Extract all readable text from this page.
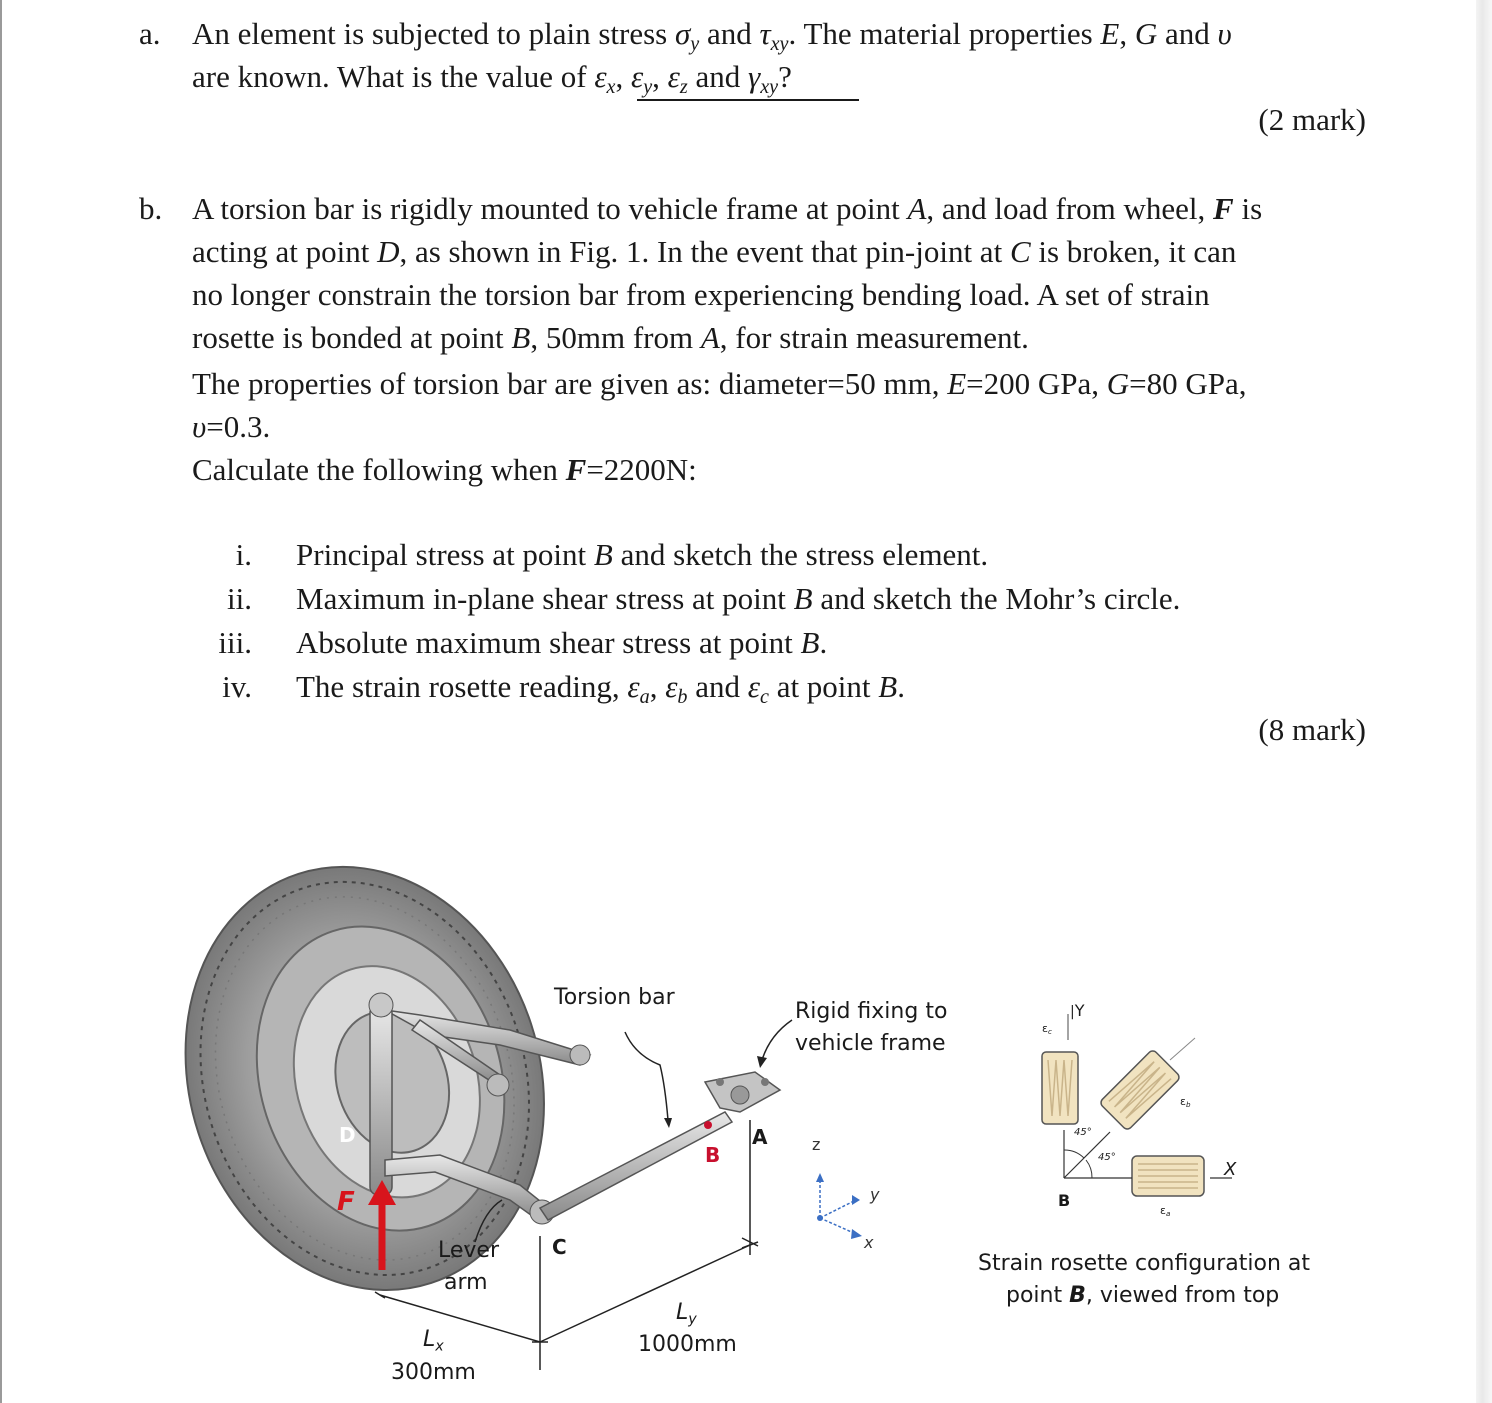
a. An element is subjected to plain stress $\sigma_y$ and $\tau_{xy}$. The material properties E, G and υ
are known. What is the value of $\varepsilon_x$, $\varepsilon_y$, $\varepsilon_z$ and $\gamma_{xy}$?
(2 mark)
b. A torsion bar is rigidly mounted to vehicle frame at point A, and load from wheel, F is
acting at point D, as shown in Fig. 1. In the event that pin-joint at C is broken, it can
no longer constrain the torsion bar from experiencing bending load. A set of strain
rosette is bonded at point B, 50mm from A, for strain measurement.
The properties of torsion bar are given as: diameter=50 mm, E=200 GPa, G=80 GPa,
υ=0.3.
Calculate the following when F=2200N:
i. Principal stress at point B and sketch the stress element.
ii. Maximum in-plane shear stress at point B and sketch the Mohr’s circle.
iii. Absolute maximum shear stress at point B.
iv. The strain rosette reading, $\varepsilon_a$, $\varepsilon_b$ and $\varepsilon_c$ at point B.
(8 mark)
Torsion bar
Rigid fixing to
vehicle frame
D
F
B
A
C
Lever
arm
$L_x$
300mm
$L_y$
1000mm
z
y
x
|Y
$\varepsilon_c$
$\varepsilon_b$
$\varepsilon_a$
45°
45°
X
B
Strain rosette configuration at
point B, viewed from top
